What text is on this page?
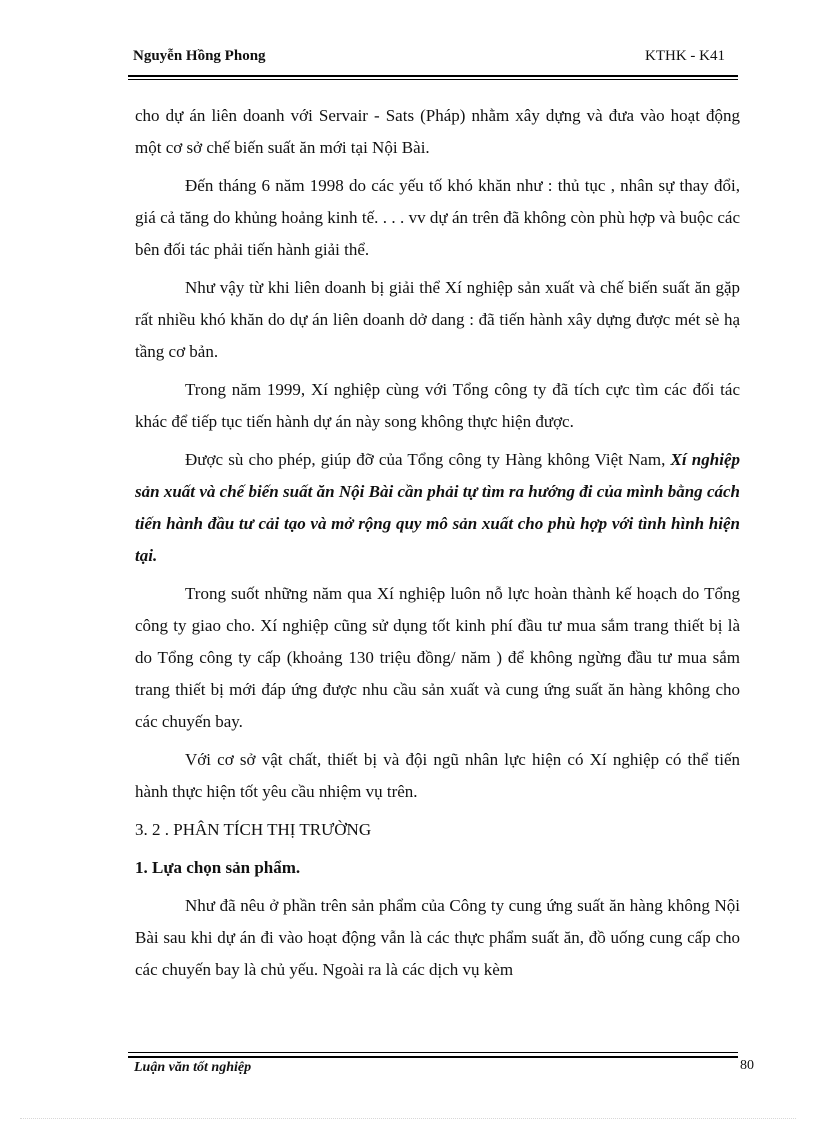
Nguyễn Hồng Phong	KTHK - K41

cho dự án liên doanh với Servair - Sats (Pháp) nhằm xây dựng và đưa vào hoạt động một cơ sở chế biến suất ăn mới tại Nội Bài.

Đến tháng 6 năm 1998 do các yếu tố khó khăn như : thủ tục , nhân sự thay đổi, giá cả tăng do khủng hoảng kinh tế. . . . vv dự án trên đã không còn phù hợp và buộc các bên đối tác phải tiến hành giải thể.

Như vậy từ khi liên doanh bị giải thể Xí nghiệp sản xuất và chế biến suất ăn gặp rất nhiều khó khăn do dự án liên doanh dở dang : đã tiến hành xây dựng được mét sè hạ tầng cơ bản.

Trong năm 1999, Xí nghiệp cùng với Tổng công ty đã tích cực tìm các đối tác khác để tiếp tục tiến hành dự án này song không thực hiện được.

Được sù cho phép, giúp đỡ của Tổng công ty Hàng không Việt Nam, Xí nghiệp sản xuất và chế biến suất ăn Nội Bài cần phải tự tìm ra hướng đi của mình bằng cách tiến hành đầu tư cải tạo và mở rộng quy mô sản xuất cho phù hợp với tình hình hiện tại.

Trong suốt những năm qua Xí nghiệp luôn nỗ lực hoàn thành kế hoạch do Tổng công ty giao cho. Xí nghiệp cũng sử dụng tốt kinh phí đầu tư mua sắm trang thiết bị là do Tổng công ty cấp (khoảng 130 triệu đồng/ năm ) để không ngừng đầu tư mua sắm trang thiết bị mới đáp ứng được nhu cầu sản xuất và cung ứng suất ăn hàng không cho các chuyến bay.

Với cơ sở vật chất, thiết bị và đội ngũ nhân lực hiện có Xí nghiệp có thể tiến hành thực hiện tốt yêu cầu nhiệm vụ trên.

3. 2 . PHÂN TÍCH THỊ TRƯỜNG

1. Lựa chọn sản phẩm.

Như đã nêu ở phần trên sản phẩm của Công ty cung ứng suất ăn hàng không Nội Bài sau khi dự án đi vào hoạt động vẫn là các thực phẩm suất ăn, đồ uống cung cấp cho các chuyến bay là chủ yếu. Ngoài ra là các dịch vụ kèm

Luận văn tốt nghiệp	80
